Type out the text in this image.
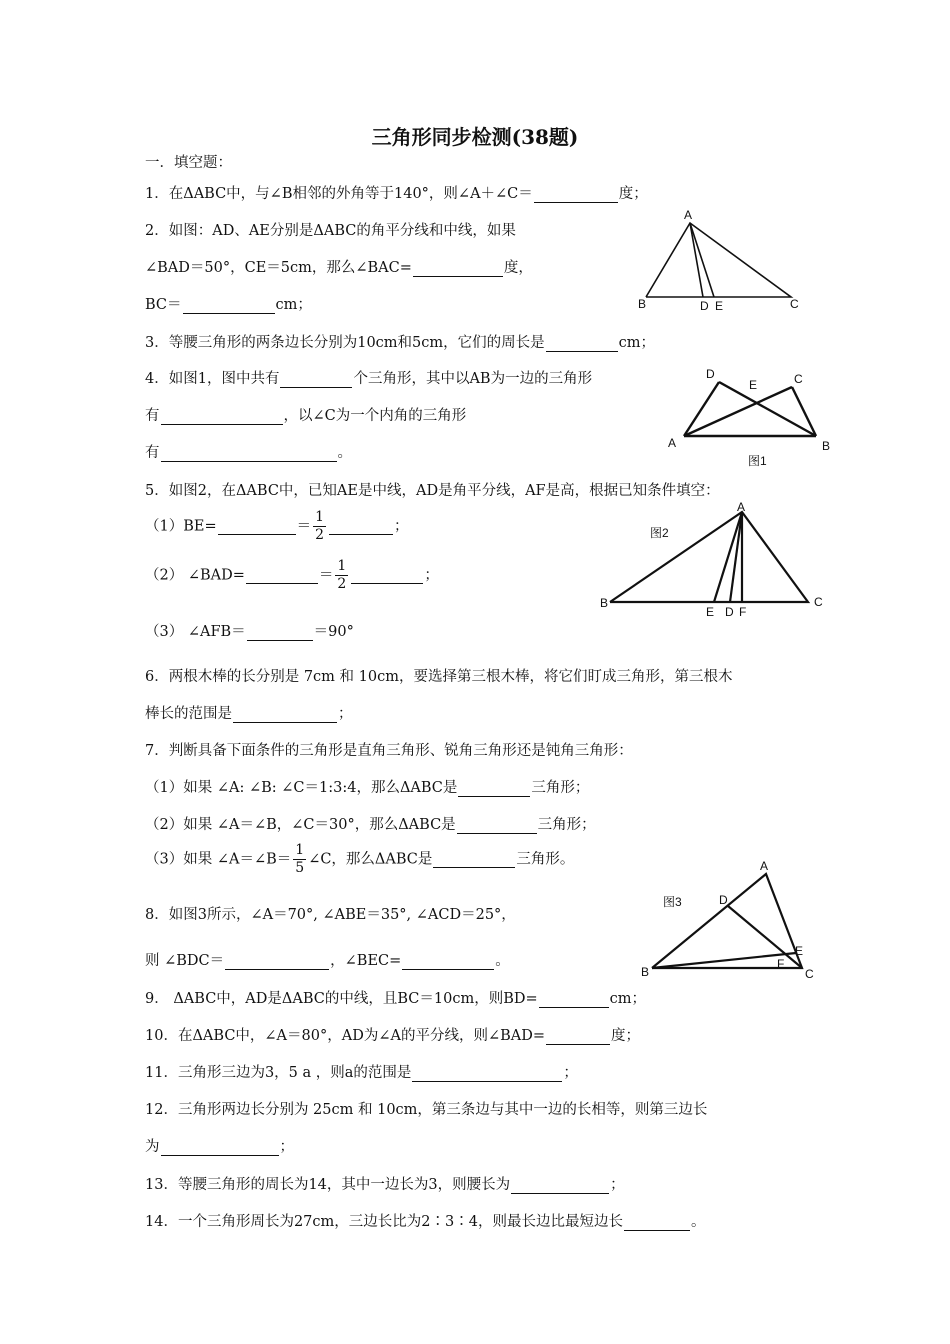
三角形同步检测(38题)
一．填空题：
1．在ΔABC中，与∠B相邻的外角等于140°，则∠A＋∠C＝	度；
2．如图：AD、AE分别是ΔABC的角平分线和中线，如果
∠BAD＝50°，CE＝5cm，那么∠BAC=	度，
BC＝	cm；
A
B	D E	C
3．等腰三角形的两条边长分别为10cm和5cm，它们的周长是	cm；
4．如图1，图中共有	个三角形，其中以AB为一边的三角形
有	，以∠C为一个内角的三角形
有	。
D
E	C
A	B
图1
5．如图2，在ΔABC中，已知AE是中线，AD是角平分线，AF是高，根据已知条件填空：
（1）BE=	＝ $\frac{1}{2}$	；
（2） ∠BAD=	＝ $\frac{1}{2}$	；
（3） ∠AFB＝	＝90°
A
B
E D F
C
图2
6．两根木棒的长分别是 7cm 和 10cm，要选择第三根木棒，将它们盯成三角形，第三根木
棒长的范围是	；
7．判断具备下面条件的三角形是直角三角形、锐角三角形还是钝角三角形：
（1）如果 ∠A: ∠B: ∠C＝1:3:4，那么ΔABC是	三角形；
（2）如果 ∠A＝∠B，∠C＝30°，那么ΔABC是	三角形；
（3）如果 ∠A＝∠B＝ $\frac{1}{5}$ ∠C，那么ΔABC是	三角形。
8．如图3所示，∠A＝70°, ∠ABE＝35°, ∠ACD＝25°，
则 ∠BDC＝	，∠BEC=	。
A
D
E
F
B	C
图3
9． ΔABC中，AD是ΔABC的中线，且BC＝10cm，则BD=	cm；
10．在ΔABC中，∠A＝80°，AD为∠A的平分线，则∠BAD=	度；
11．三角形三边为3，5 a ，则a的范围是	；
12．三角形两边长分别为 25cm 和 10cm，第三条边与其中一边的长相等，则第三边长
为	；
13．等腰三角形的周长为14，其中一边长为3，则腰长为	；
14．一个三角形周长为27cm，三边长比为2∶3∶4，则最长边比最短边长	。
